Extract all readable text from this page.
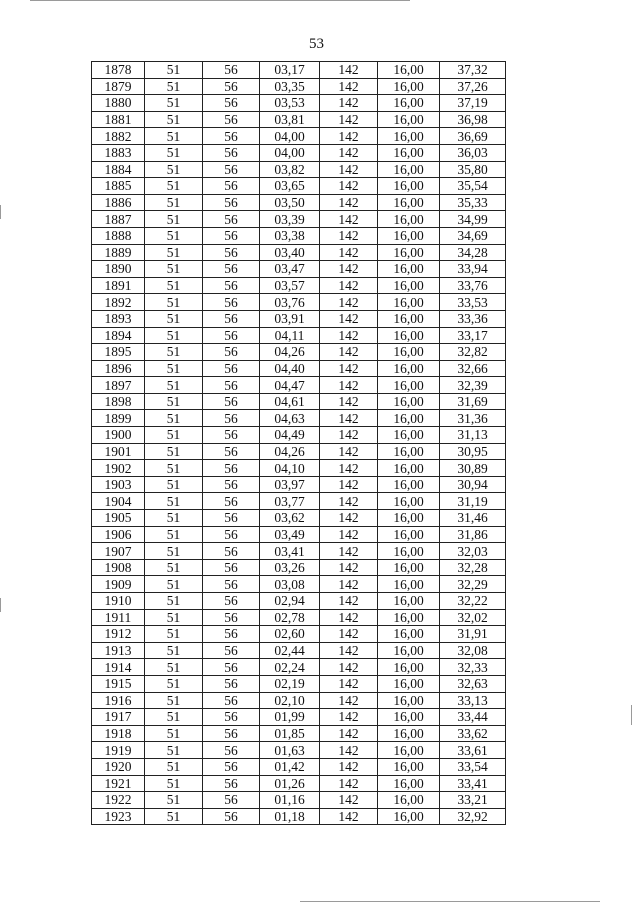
53
1878	51	56	03,17	142	16,00	37,32
1879	51	56	03,35	142	16,00	37,26
1880	51	56	03,53	142	16,00	37,19
1881	51	56	03,81	142	16,00	36,98
1882	51	56	04,00	142	16,00	36,69
1883	51	56	04,00	142	16,00	36,03
1884	51	56	03,82	142	16,00	35,80
1885	51	56	03,65	142	16,00	35,54
1886	51	56	03,50	142	16,00	35,33
1887	51	56	03,39	142	16,00	34,99
1888	51	56	03,38	142	16,00	34,69
1889	51	56	03,40	142	16,00	34,28
1890	51	56	03,47	142	16,00	33,94
1891	51	56	03,57	142	16,00	33,76
1892	51	56	03,76	142	16,00	33,53
1893	51	56	03,91	142	16,00	33,36
1894	51	56	04,11	142	16,00	33,17
1895	51	56	04,26	142	16,00	32,82
1896	51	56	04,40	142	16,00	32,66
1897	51	56	04,47	142	16,00	32,39
1898	51	56	04,61	142	16,00	31,69
1899	51	56	04,63	142	16,00	31,36
1900	51	56	04,49	142	16,00	31,13
1901	51	56	04,26	142	16,00	30,95
1902	51	56	04,10	142	16,00	30,89
1903	51	56	03,97	142	16,00	30,94
1904	51	56	03,77	142	16,00	31,19
1905	51	56	03,62	142	16,00	31,46
1906	51	56	03,49	142	16,00	31,86
1907	51	56	03,41	142	16,00	32,03
1908	51	56	03,26	142	16,00	32,28
1909	51	56	03,08	142	16,00	32,29
1910	51	56	02,94	142	16,00	32,22
1911	51	56	02,78	142	16,00	32,02
1912	51	56	02,60	142	16,00	31,91
1913	51	56	02,44	142	16,00	32,08
1914	51	56	02,24	142	16,00	32,33
1915	51	56	02,19	142	16,00	32,63
1916	51	56	02,10	142	16,00	33,13
1917	51	56	01,99	142	16,00	33,44
1918	51	56	01,85	142	16,00	33,62
1919	51	56	01,63	142	16,00	33,61
1920	51	56	01,42	142	16,00	33,54
1921	51	56	01,26	142	16,00	33,41
1922	51	56	01,16	142	16,00	33,21
1923	51	56	01,18	142	16,00	32,92
